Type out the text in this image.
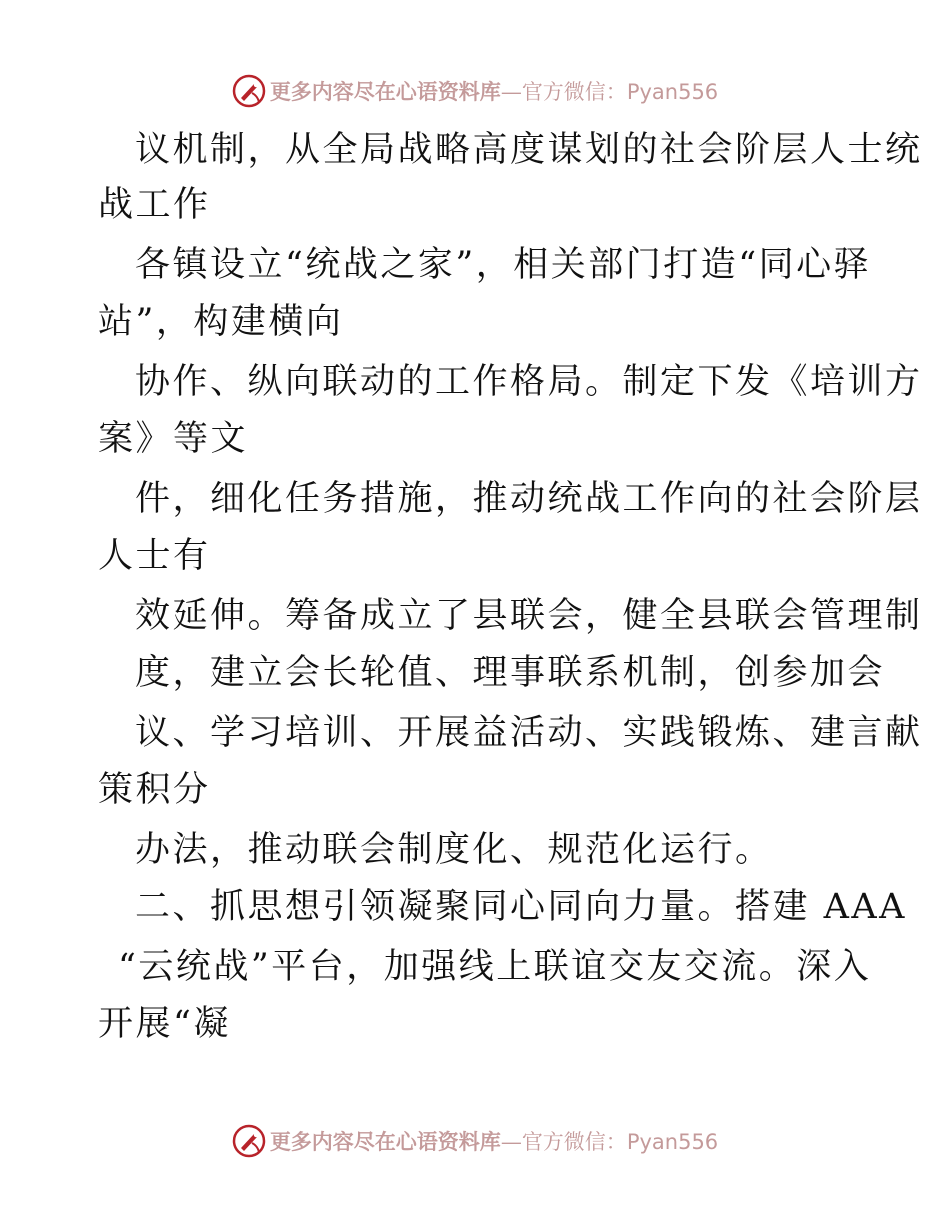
更多内容尽在心语资料库—官方微信：Pyan556
议机制，从全局战略高度谋划的社会阶层人士统
战工作
各镇设立“统战之家”，相关部门打造“同心驿
站”，构建横向
协作、纵向联动的工作格局。制定下发《培训方
案》等文
件，细化任务措施，推动统战工作向的社会阶层
人士有
效延伸。筹备成立了县联会，健全县联会管理制
度，建立会长轮值、理事联系机制，创参加会
议、学习培训、开展益活动、实践锻炼、建言献
策积分
办法，推动联会制度化、规范化运行。
二、抓思想引领凝聚同心同向力量。搭建 AAA
“云统战”平台，加强线上联谊交友交流。深入
开展“凝
更多内容尽在心语资料库—官方微信：Pyan556
